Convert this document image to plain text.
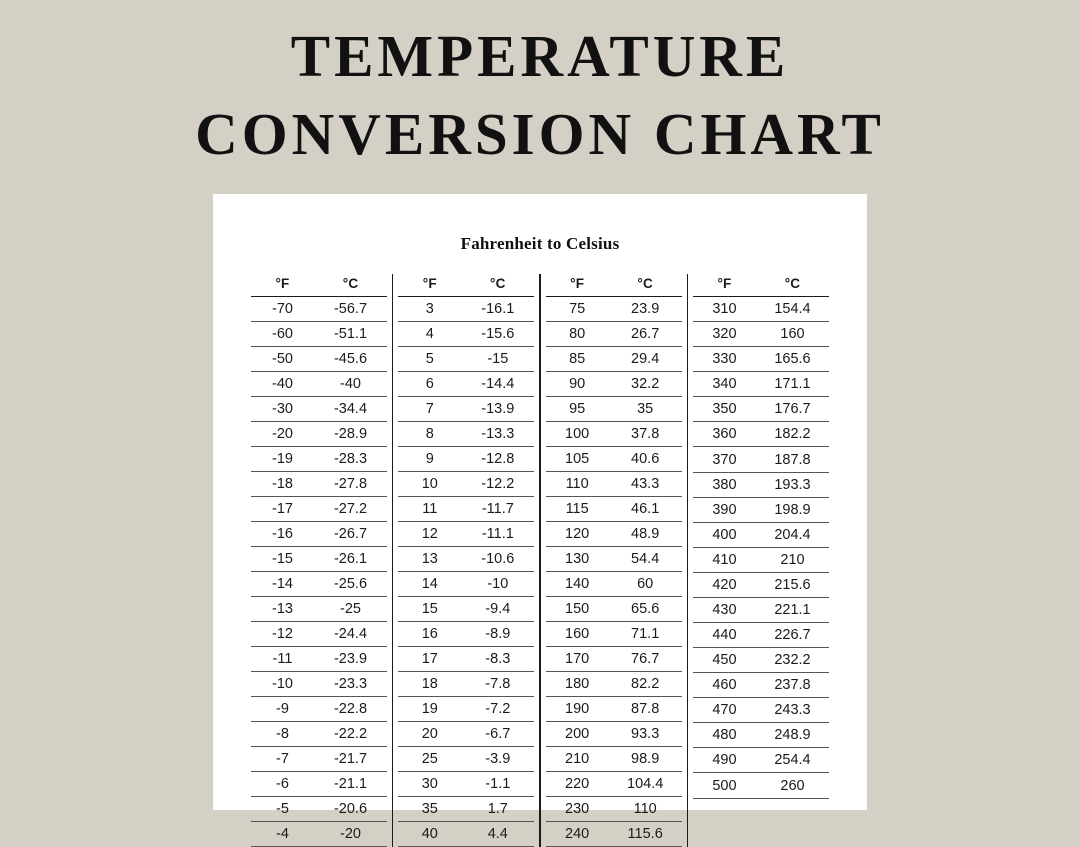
TEMPERATURE
CONVERSION CHART
Fahrenheit to Celsius
°F	°C
-70	-56.7
-60	-51.1
-50	-45.6
-40	-40
-30	-34.4
-20	-28.9
-19	-28.3
-18	-27.8
-17	-27.2
-16	-26.7
-15	-26.1
-14	-25.6
-13	-25
-12	-24.4
-11	-23.9
-10	-23.3
-9	-22.8
-8	-22.2
-7	-21.7
-6	-21.1
-5	-20.6
-4	-20
°F	°C
3	-16.1
4	-15.6
5	-15
6	-14.4
7	-13.9
8	-13.3
9	-12.8
10	-12.2
11	-11.7
12	-11.1
13	-10.6
14	-10
15	-9.4
16	-8.9
17	-8.3
18	-7.8
19	-7.2
20	-6.7
25	-3.9
30	-1.1
35	1.7
40	4.4
°F	°C
75	23.9
80	26.7
85	29.4
90	32.2
95	35
100	37.8
105	40.6
110	43.3
115	46.1
120	48.9
130	54.4
140	60
150	65.6
160	71.1
170	76.7
180	82.2
190	87.8
200	93.3
210	98.9
220	104.4
230	110
240	115.6
°F	°C
310	154.4
320	160
330	165.6
340	171.1
350	176.7
360	182.2
370	187.8
380	193.3
390	198.9
400	204.4
410	210
420	215.6
430	221.1
440	226.7
450	232.2
460	237.8
470	243.3
480	248.9
490	254.4
500	260
